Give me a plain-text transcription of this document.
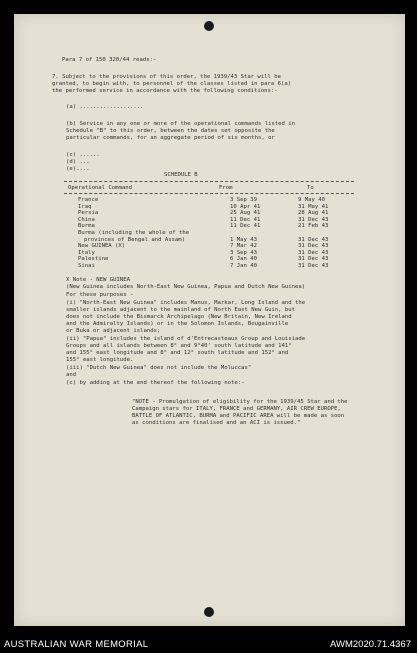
Para 7 of 150 320/44 reads:-
7. Subject to the provisions of this order, the 1939/43 Star will be
granted, to begin with, to personnel of the classes listed in para 6(a)
the performed service in accordance with the following conditions:-
(a) ...................
(b) Service in any one or more of the operational commands listed in
Schedule "B" to this order, between the dates set opposite the
particular commands, for an aggregate period of six months, or
(c) ......
(d) ...
(e)....
SCHEDULE B
Operational Command	From	To
France	3 Sep 39	9 May 40
Iraq	10 Apr 41	31 May 41
Persia	25 Aug 41	28 Aug 41
China	11 Dec 41	31 Dec 43
Burma	11 Dec 41	21 Feb 43
Burma (including the whole of the
provinces of Bengal and Assam)	1 May 43	31 Dec 43
New GUINEA (X)	7 Mar 42	31 Dec 43
Italy	3 Sep 43	31 Dec 43
Palestine	6 Jan 40	31 Dec 43
Sinai	7 Jan 40	31 Dec 43
X Note - NEW GUINEA
(New Guinea includes North-East New Guinea, Papua and Dutch New Guinea)
For these purposes -
(i) "North-East New Guinea" includes Manus, Markar, Long Island and the
smaller islands adjacent to the mainland of North East New Guin, but
does not include the Bismarck Archipelago (New Britain, New Ireland
and the Admiralty Islands) or in the Solomon Islands, Bougainville
or Buka or adjacent islands;
(ii) "Papua" includes the island of d'Entrecasteaux Group and Louisiade
Groups and all islands between 8° and 9°40' south latitude and 141°
and 155° east longitude and 8° and 12° south latitude and 152° and
155° east longitude.
(iii) "Dutch New Guinea" does not include the Moluccas"
and
(c) by adding at the end thereof the following note:-
"NOTE - Promulgation of eligibility for the 1939/45 Star and the
Campaign stars for ITALY, FRANCE and GERMANY, AIR CREW EUROPE,
BATTLE OF ATLANTIC, BURMA and PACIFIC AREA will be made as soon
as conditions are finalised and an ACI is issued."
AUSTRALIAN WAR MEMORIAL	AWM2020.71.4367
